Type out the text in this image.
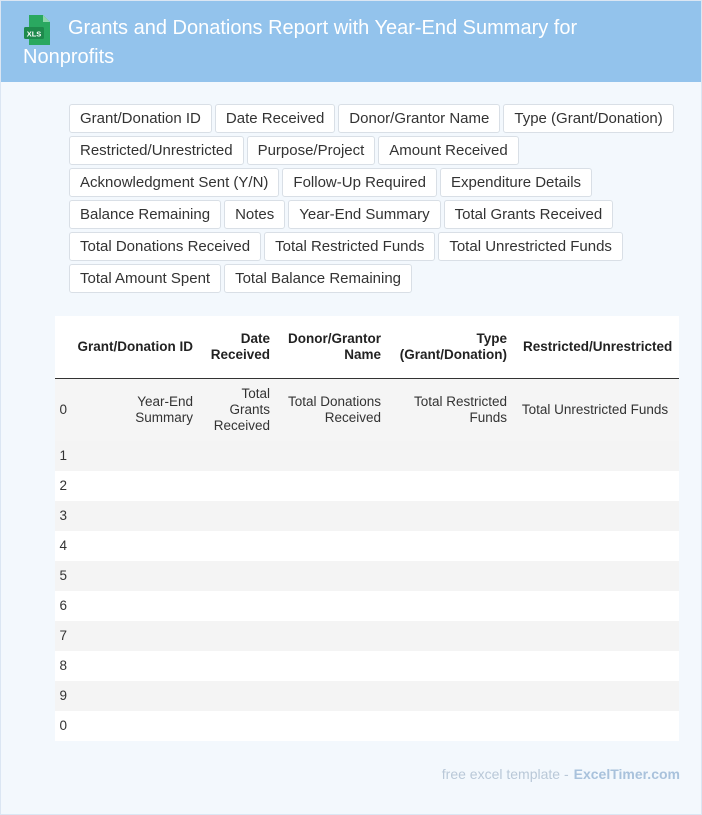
XLS	Grants and Donations Report with Year-End Summary for Nonprofits
Grant/Donation ID	Date Received	Donor/Grantor Name	Type (Grant/Donation)
Restricted/Unrestricted	Purpose/Project	Amount Received
Acknowledgment Sent (Y/N)	Follow-Up Required	Expenditure Details
Balance Remaining	Notes	Year-End Summary	Total Grants Received
Total Donations Received	Total Restricted Funds	Total Unrestricted Funds
Total Amount Spent	Total Balance Remaining
	Grant/Donation ID	Date Received	Donor/Grantor Name	Type (Grant/Donation)	Restricted/Unrestricted
0	Year-End Summary	Total Grants Received	Total Donations Received	Total Restricted Funds	Total Unrestricted Funds
1					
2					
3					
4					
5					
6					
7					
8					
9					
0					
free excel template - ExcelTimer.com
